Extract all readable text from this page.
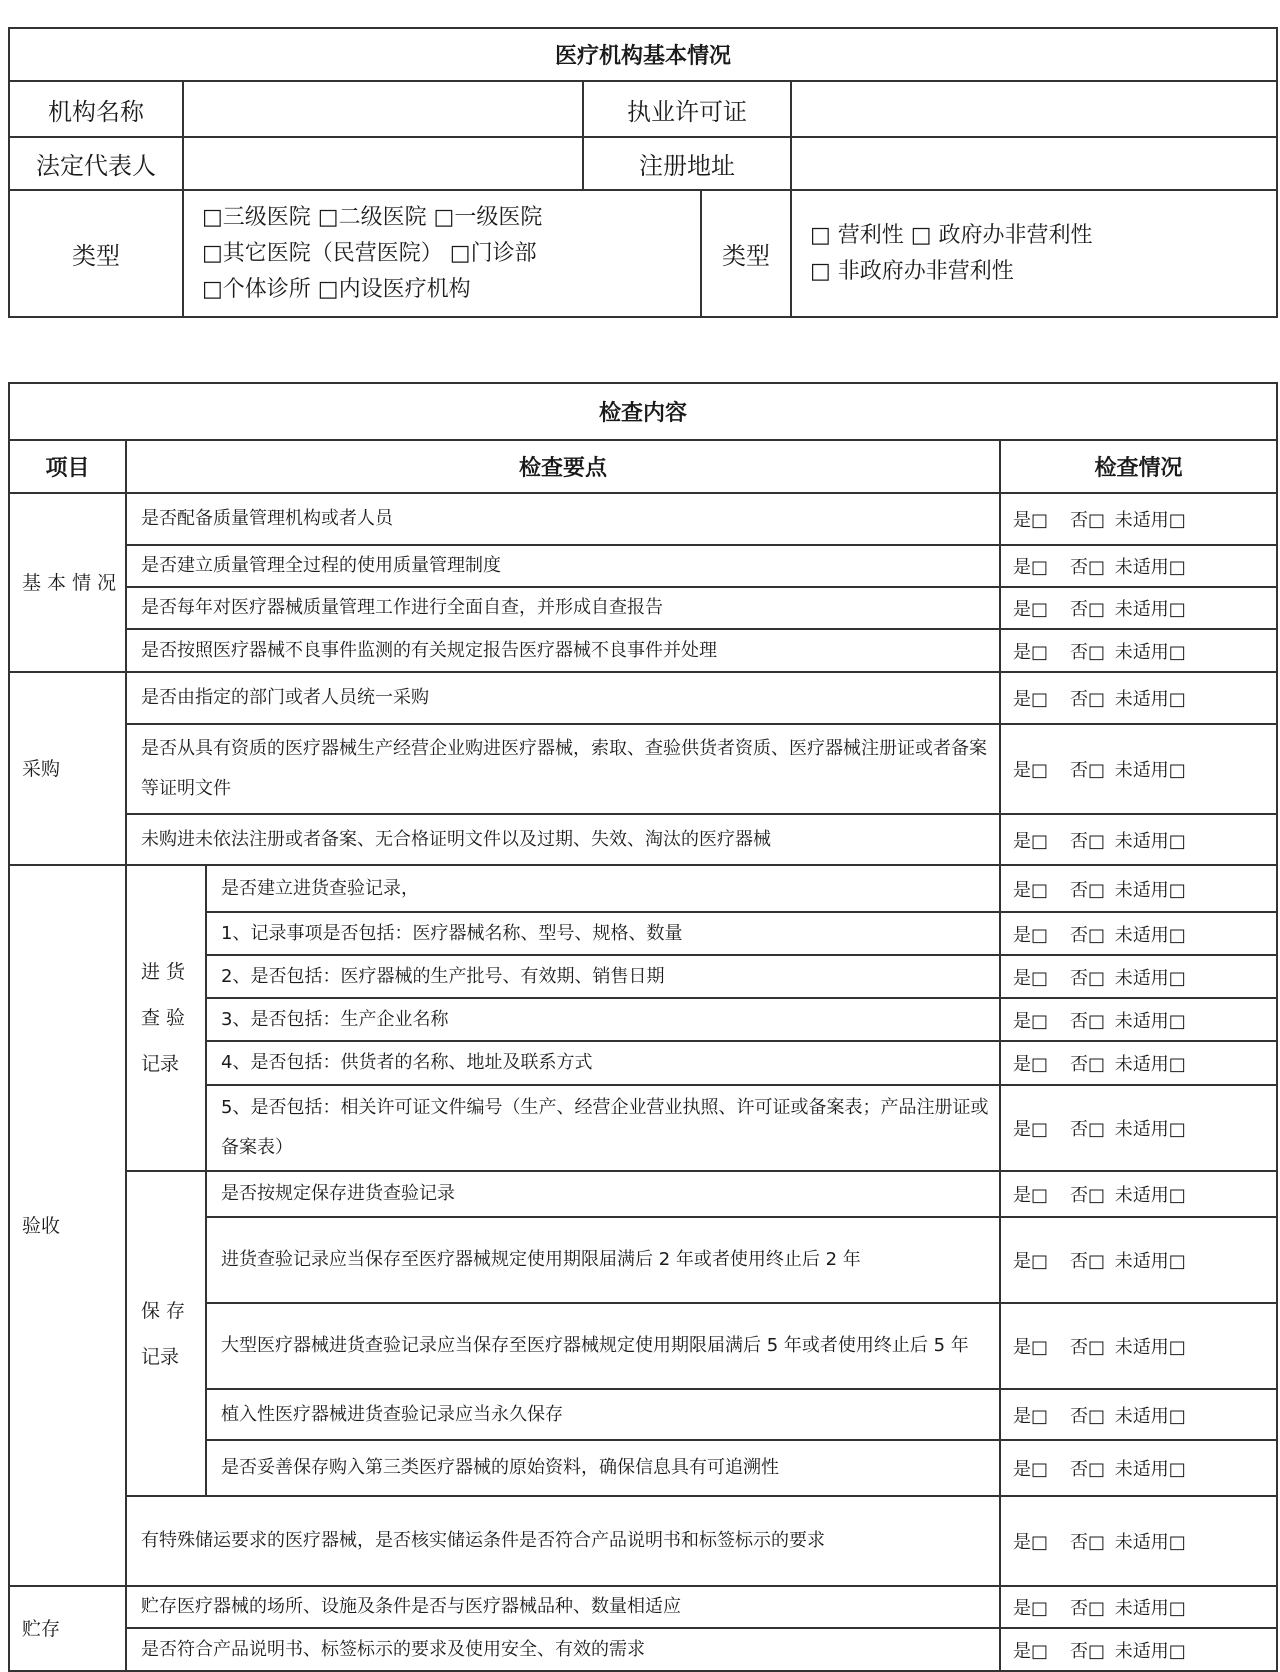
医疗机构基本情况				
机构名称		执业许可证		
法定代表人		注册地址		
类型	□三级医院 □二级医院 □一级医院
□其它医院（民营医院） □门诊部
□个体诊所 □内设医疗机构		类型	□ 营利性 □ 政府办非营利性
□ 非政府办非营利性
检查内容			
项目	检查要点		检查情况
基 本 情 况	是否配备质量管理机构或者人员		是□ 否□ 未适用□
	是否建立质量管理全过程的使用质量管理制度		是□ 否□ 未适用□
	是否每年对医疗器械质量管理工作进行全面自查，并形成自查报告		是□ 否□ 未适用□
	是否按照医疗器械不良事件监测的有关规定报告医疗器械不良事件并处理		是□ 否□ 未适用□
采购	是否由指定的部门或者人员统一采购		是□ 否□ 未适用□
	是否从具有资质的医疗器械生产经营企业购进医疗器械，索取、查验供货者资质、医疗器械注册证或者备案等证明文件		是□ 否□ 未适用□
	未购进未依法注册或者备案、无合格证明文件以及过期、失效、淘汰的医疗器械		是□ 否□ 未适用□
验收	进 货 查 验 记录	是否建立进货查验记录，	是□ 否□ 未适用□
		1、记录事项是否包括：医疗器械名称、型号、规格、数量	是□ 否□ 未适用□
		2、是否包括：医疗器械的生产批号、有效期、销售日期	是□ 否□ 未适用□
		3、是否包括：生产企业名称	是□ 否□ 未适用□
		4、是否包括：供货者的名称、地址及联系方式	是□ 否□ 未适用□
		5、是否包括：相关许可证文件编号（生产、经营企业营业执照、许可证或备案表；产品注册证或备案表）	是□ 否□ 未适用□
	保 存 记录	是否按规定保存进货查验记录	是□ 否□ 未适用□
		进货查验记录应当保存至医疗器械规定使用期限届满后 2 年或者使用终止后 2 年	是□ 否□ 未适用□
		大型医疗器械进货查验记录应当保存至医疗器械规定使用期限届满后 5 年或者使用终止后 5 年	是□ 否□ 未适用□
		植入性医疗器械进货查验记录应当永久保存	是□ 否□ 未适用□
		是否妥善保存购入第三类医疗器械的原始资料，确保信息具有可追溯性	是□ 否□ 未适用□
	有特殊储运要求的医疗器械，是否核实储运条件是否符合产品说明书和标签标示的要求		是□ 否□ 未适用□
贮存	贮存医疗器械的场所、设施及条件是否与医疗器械品种、数量相适应		是□ 否□ 未适用□
	是否符合产品说明书、标签标示的要求及使用安全、有效的需求		是□ 否□ 未适用□
